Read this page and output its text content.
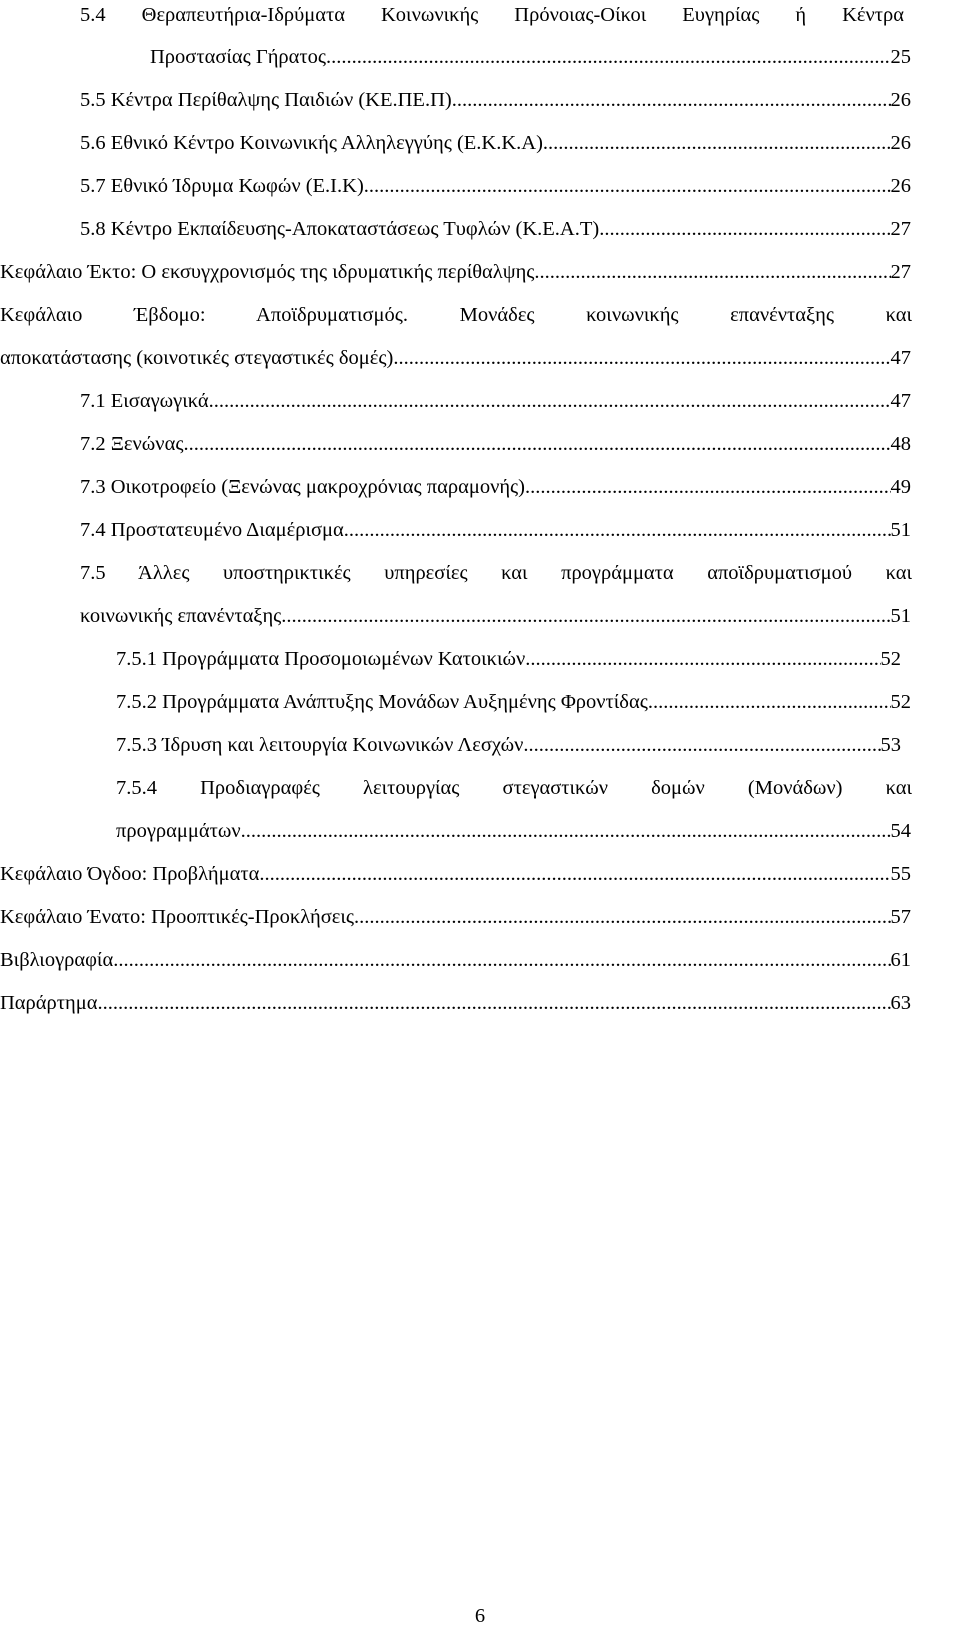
5.4 Θεραπευτήρια-Ιδρύματα Κοινωνικής Πρόνοιας-Οίκοι Ευγηρίας ή Κέντρα
Προστασίας Γήρατος .....	25
5.5 Κέντρα Περίθαλψης Παιδιών (ΚΕ.ΠΕ.Π) .....	26
5.6 Εθνικό Κέντρο Κοινωνικής Αλληλεγγύης (Ε.Κ.Κ.Α) .....	26
5.7 Εθνικό Ίδρυμα Κωφών (Ε.Ι.Κ) .....	26
5.8 Κέντρο Εκπαίδευσης-Αποκαταστάσεως Τυφλών (Κ.Ε.Α.Τ) .....	27
Κεφάλαιο Έκτο: Ο εκσυγχρονισμός της ιδρυματικής περίθαλψης. .....	27
Κεφάλαιο Έβδομο: Αποϊδρυματισμός. Μονάδες κοινωνικής επανένταξης και
αποκατάστασης (κοινοτικές στεγαστικές δομές) .....	47
7.1 Εισαγωγικά .....	47
7.2 Ξενώνας .....	48
7.3 Οικοτροφείο (Ξενώνας μακροχρόνιας παραμονής) .....	49
7.4 Προστατευμένο Διαμέρισμα .....	51
7.5 Άλλες υποστηρικτικές υπηρεσίες και προγράμματα αποϊδρυματισμού και
κοινωνικής επανένταξης .....	51
7.5.1 Προγράμματα Προσομοιωμένων Κατοικιών .....	52
7.5.2 Προγράμματα Ανάπτυξης Μονάδων Αυξημένης Φροντίδας .....	52
7.5.3 Ίδρυση και λειτουργία Κοινωνικών Λεσχών .....	53
7.5.4 Προδιαγραφές λειτουργίας στεγαστικών δομών (Μονάδων) και
προγραμμάτων .....	54
Κεφάλαιο Όγδοο: Προβλήματα .....	55
Κεφάλαιο Ένατο: Προοπτικές-Προκλήσεις .....	57
Βιβλιογραφία .....	61
Παράρτημα .....	63
6
